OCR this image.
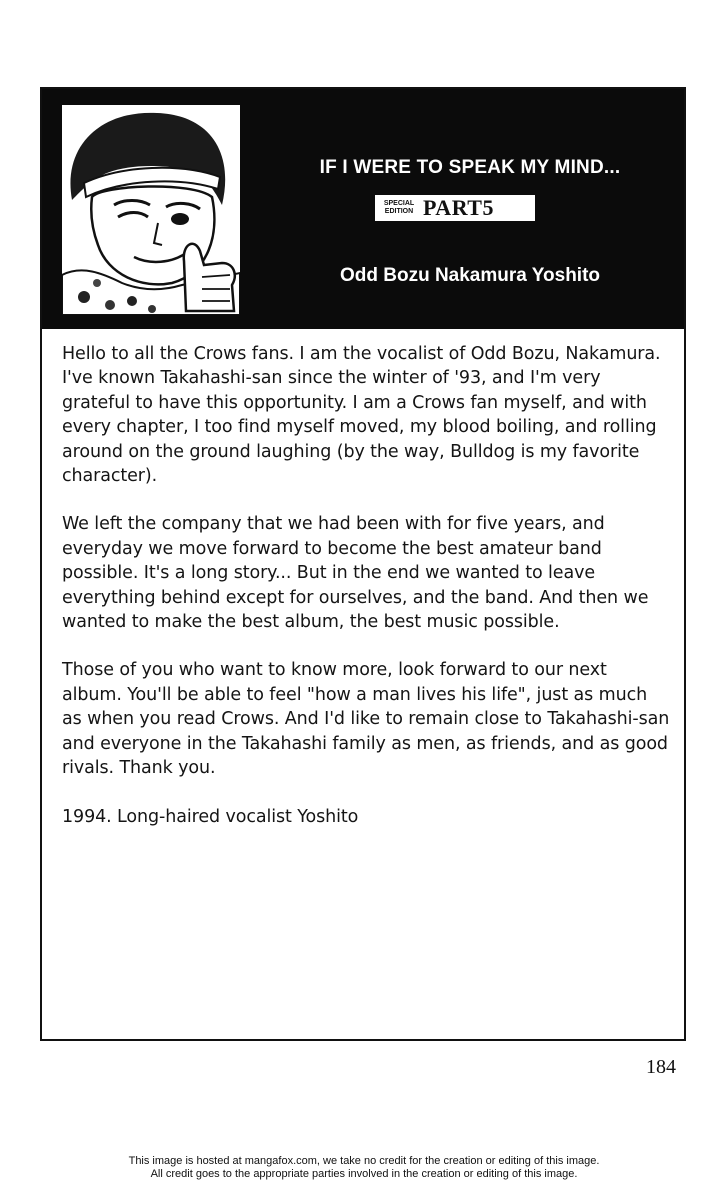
IF I WERE TO SPEAK MY MIND...
SPECIAL EDITION PART5
Odd Bozu Nakamura Yoshito

Hello to all the Crows fans. I am the vocalist of Odd Bozu, Nakamura. I've known Takahashi-san since the winter of '93, and I'm very grateful to have this opportunity. I am a Crows fan myself, and with every chapter, I too find myself moved, my blood boiling, and rolling around on the ground laughing (by the way, Bulldog is my favorite character).

We left the company that we had been with for five years, and everyday we move forward to become the best amateur band possible. It's a long story... But in the end we wanted to leave everything behind except for ourselves, and the band. And then we wanted to make the best album, the best music possible.

Those of you who want to know more, look forward to our next album. You'll be able to feel "how a man lives his life", just as much as when you read Crows. And I'd like to remain close to Takahashi-san and everyone in the Takahashi family as men, as friends, and as good rivals. Thank you.

1994. Long-haired vocalist Yoshito

184
This image is hosted at mangafox.com, we take no credit for the creation or editing of this image.
All credit goes to the appropriate parties involved in the creation or editing of this image.
